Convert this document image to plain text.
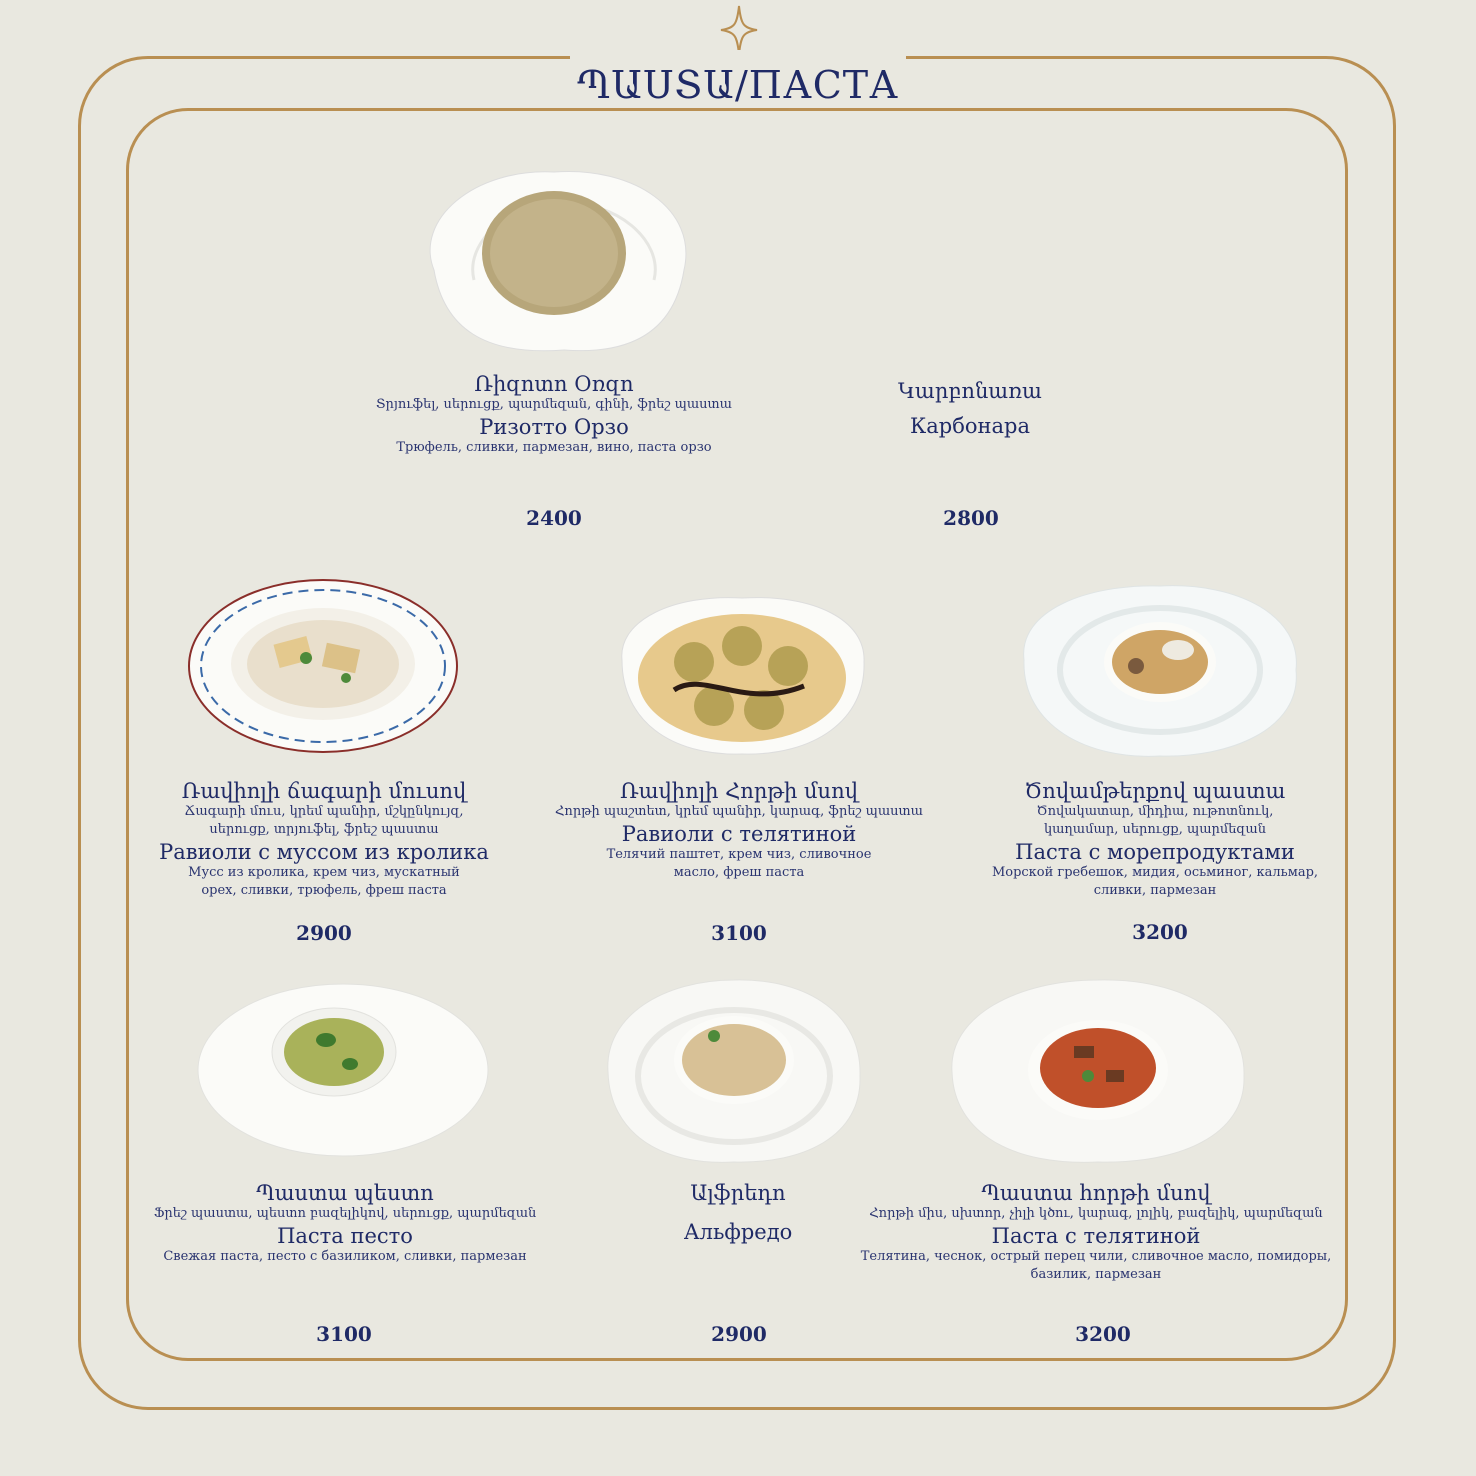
ՊԱՍՏԱ/ПАСТА
Ռիզոտո Օռզո
Տրյուֆել, սերուցք, պարմեզան, գինի, ֆրեշ պաստա
Ризотто Орзо
Трюфель, сливки, пармезан, вино, паста орзо
2400
Կարբոնառա
Карбонара
2800
Ռավիոլի ճագարի մուսով
Ճագարի մուս, կրեմ պանիր, մշկընկույզ, սերուցք, տրյուֆել, ֆրեշ պաստա
Равиоли с муссом из кролика
Мусс из кролика, крем чиз, мускатный орех, сливки, трюфель, фреш паста
2900
Ռավիոլի Հորթի մսով
Հորթի պաշտետ, կրեմ պանիր, կարագ, ֆրեշ պաստա
Равиоли с телятиной
Телячий паштет, крем чиз, сливочное масло, фреш паста
3100
Ծովամթերքով պաստա
Ծովակատար, միդիա, ութոտնուկ, կաղամար, սերուցք, պարմեզան
Паста с морепродуктами
Морской гребешок, мидия, осьминог, кальмар, сливки, пармезан
3200
Պաստա պեստո
Ֆրեշ պաստա, պեստո բազելիկով, սերուցք, պարմեզան
Паста песто
Свежая паста, песто с базиликом, сливки, пармезан
3100
Ալֆրեդո
Альфредо
2900
Պաստա հորթի մսով
Հորթի միս, սխտոր, չիլի կծու, կարագ, լոլիկ, բազելիկ, պարմեզան
Паста с телятиной
Телятина, чеснок, острый перец чили, сливочное масло, помидоры, базилик, пармезан
3200
